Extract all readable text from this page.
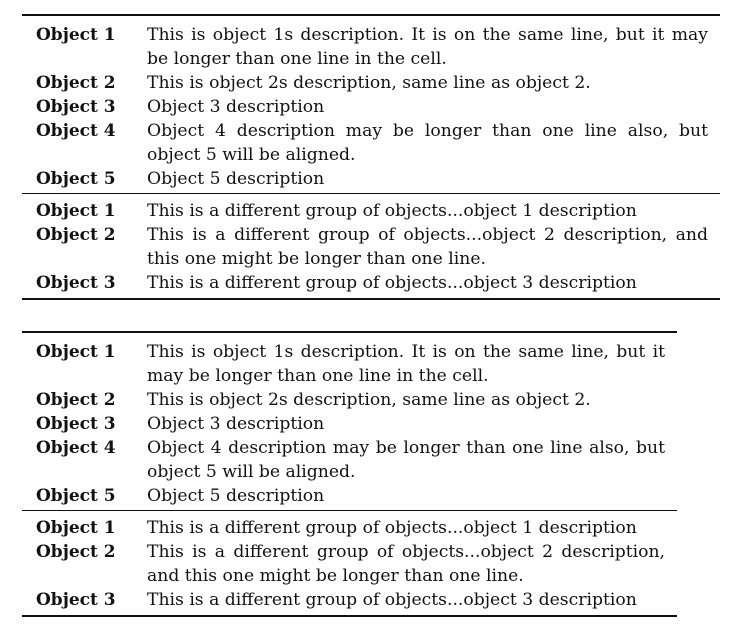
Object 1	This is object 1s description. It is on the same line, but it may be longer than one line in the cell.
Object 2	This is object 2s description, same line as object 2.
Object 3	Object 3 description
Object 4	Object 4 description may be longer than one line also, but object 5 will be aligned.
Object 5	Object 5 description
Object 1	This is a different group of objects...object 1 description
Object 2	This is a different group of objects...object 2 description, and this one might be longer than one line.
Object 3	This is a different group of objects...object 3 description
Object 1	This is object 1s description. It is on the same line, but it may be longer than one line in the cell.
Object 2	This is object 2s description, same line as object 2.
Object 3	Object 3 description
Object 4	Object 4 description may be longer than one line also, but object 5 will be aligned.
Object 5	Object 5 description
Object 1	This is a different group of objects...object 1 description
Object 2	This is a different group of objects...object 2 description, and this one might be longer than one line.
Object 3	This is a different group of objects...object 3 description
